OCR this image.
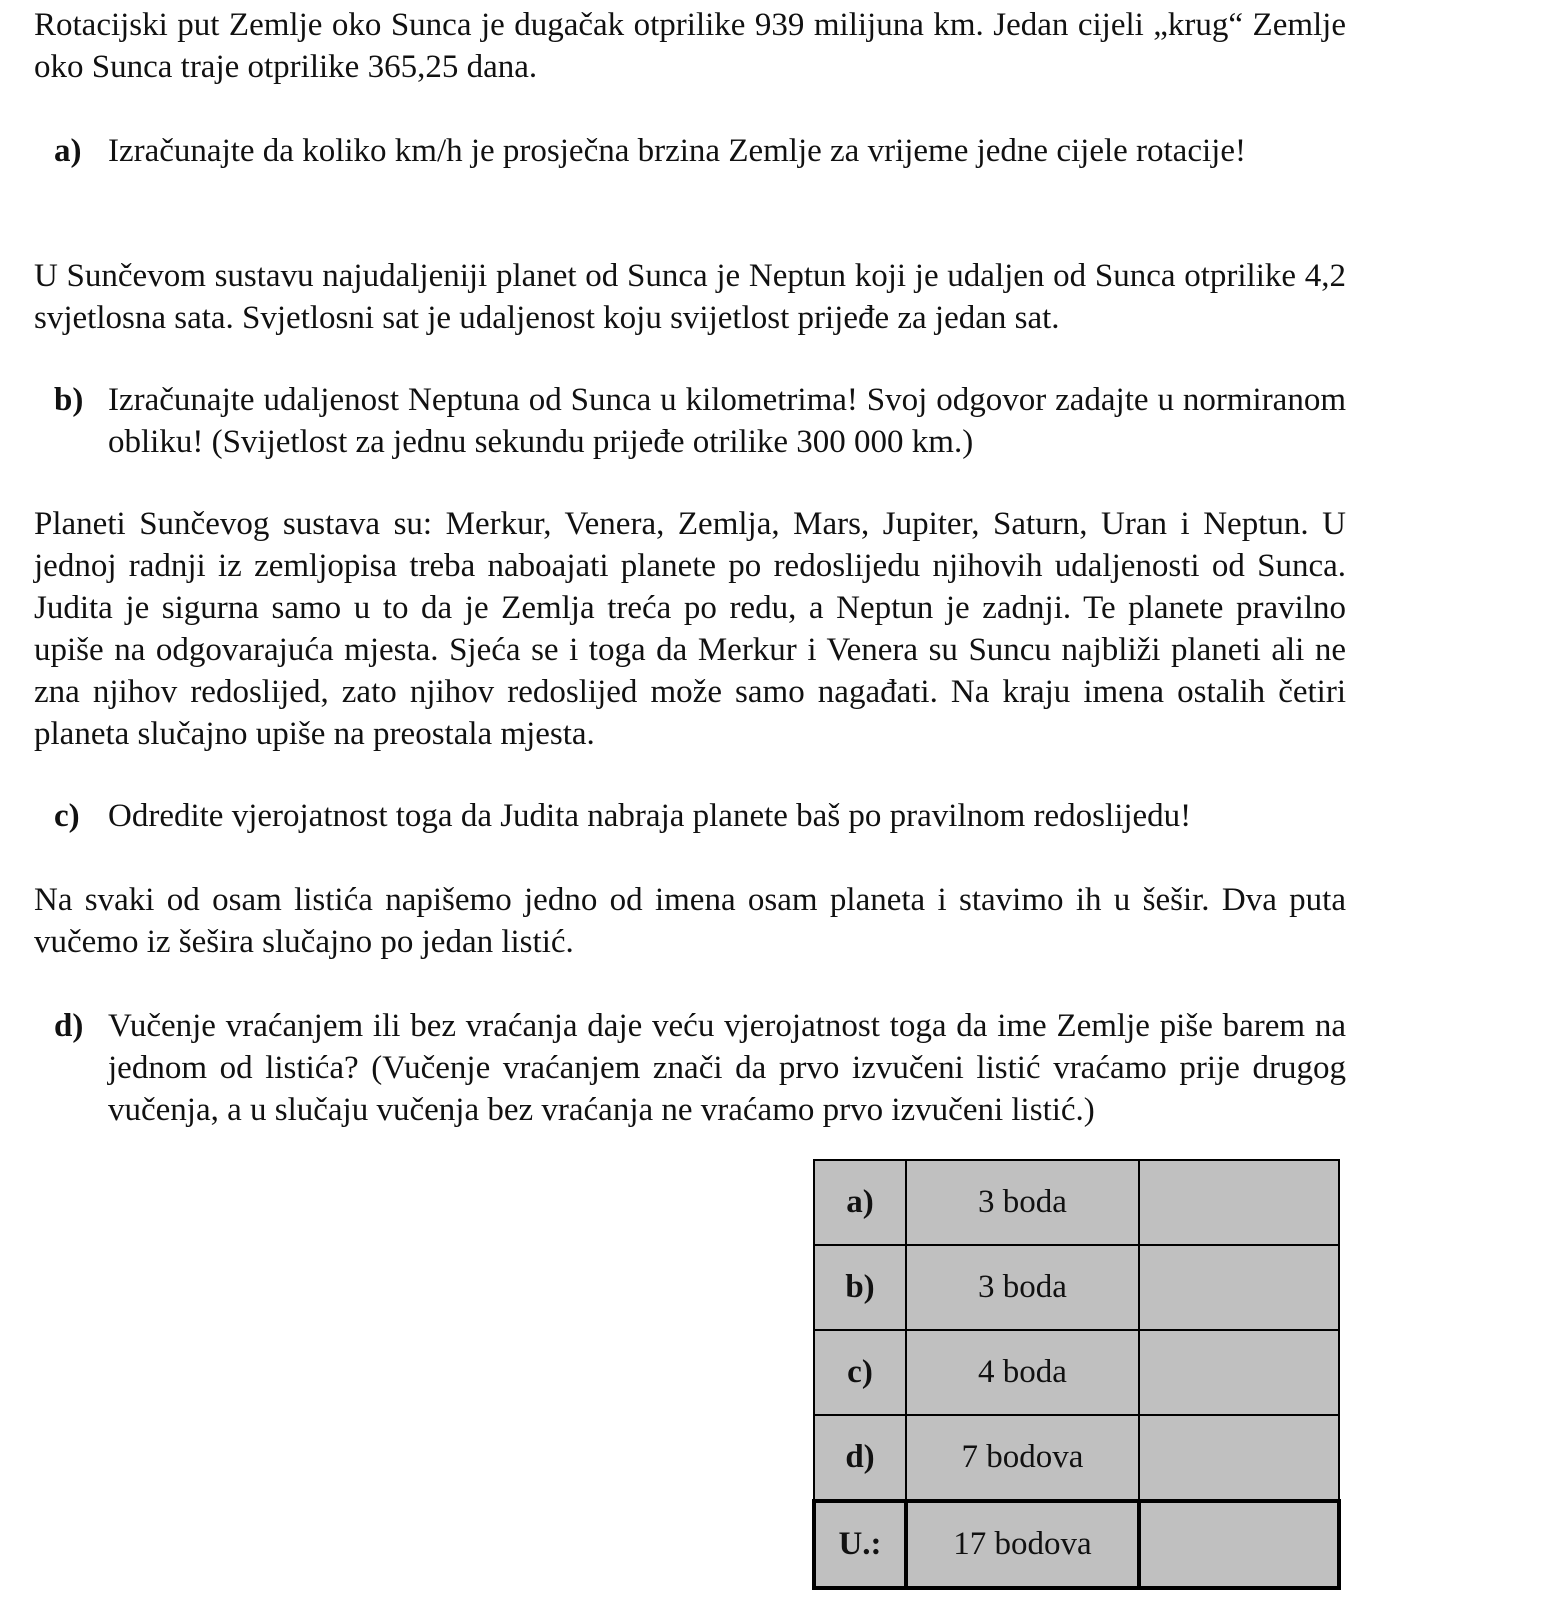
Rotacijski put Zemlje oko Sunca je dugačak otprilike 939 milijuna km. Jedan cijeli „krug“ Zemlje oko Sunca traje otprilike 365,25 dana.

a) Izračunajte da koliko km/h je prosječna brzina Zemlje za vrijeme jedne cijele rotacije!

U Sunčevom sustavu najudaljeniji planet od Sunca je Neptun koji je udaljen od Sunca otprilike 4,2 svjetlosna sata. Svjetlosni sat je udaljenost koju svijetlost prijeđe za jedan sat.

b) Izračunajte udaljenost Neptuna od Sunca u kilometrima! Svoj odgovor zadajte u normiranom obliku! (Svijetlost za jednu sekundu prijeđe otrilike 300 000 km.)

Planeti Sunčevog sustava su: Merkur, Venera, Zemlja, Mars, Jupiter, Saturn, Uran i Neptun. U jednoj radnji iz zemljopisa treba naboajati planete po redoslijedu njihovih udaljenosti od Sunca. Judita je sigurna samo u to da je Zemlja treća po redu, a Neptun je zadnji. Te planete pravilno upiše na odgovarajuća mjesta. Sjeća se i toga da Merkur i Venera su Suncu najbliži planeti ali ne zna njihov redoslijed, zato njihov redoslijed može samo nagađati. Na kraju imena ostalih četiri planeta slučajno upiše na preostala mjesta.

c) Odredite vjerojatnost toga da Judita nabraja planete baš po pravilnom redoslijedu!

Na svaki od osam listića napišemo jedno od imena osam planeta i stavimo ih u šešir. Dva puta vučemo iz šešira slučajno po jedan listić.

d) Vučenje vraćanjem ili bez vraćanja daje veću vjerojatnost toga da ime Zemlje piše barem na jednom od listića? (Vučenje vraćanjem znači da prvo izvučeni listić vraćamo prije drugog vučenja, a u slučaju vučenja bez vraćanja ne vraćamo prvo izvučeni listić.)
a)	3 boda	
b)	3 boda	
c)	4 boda	
d)	7 bodova	
U.:	17 bodova	
